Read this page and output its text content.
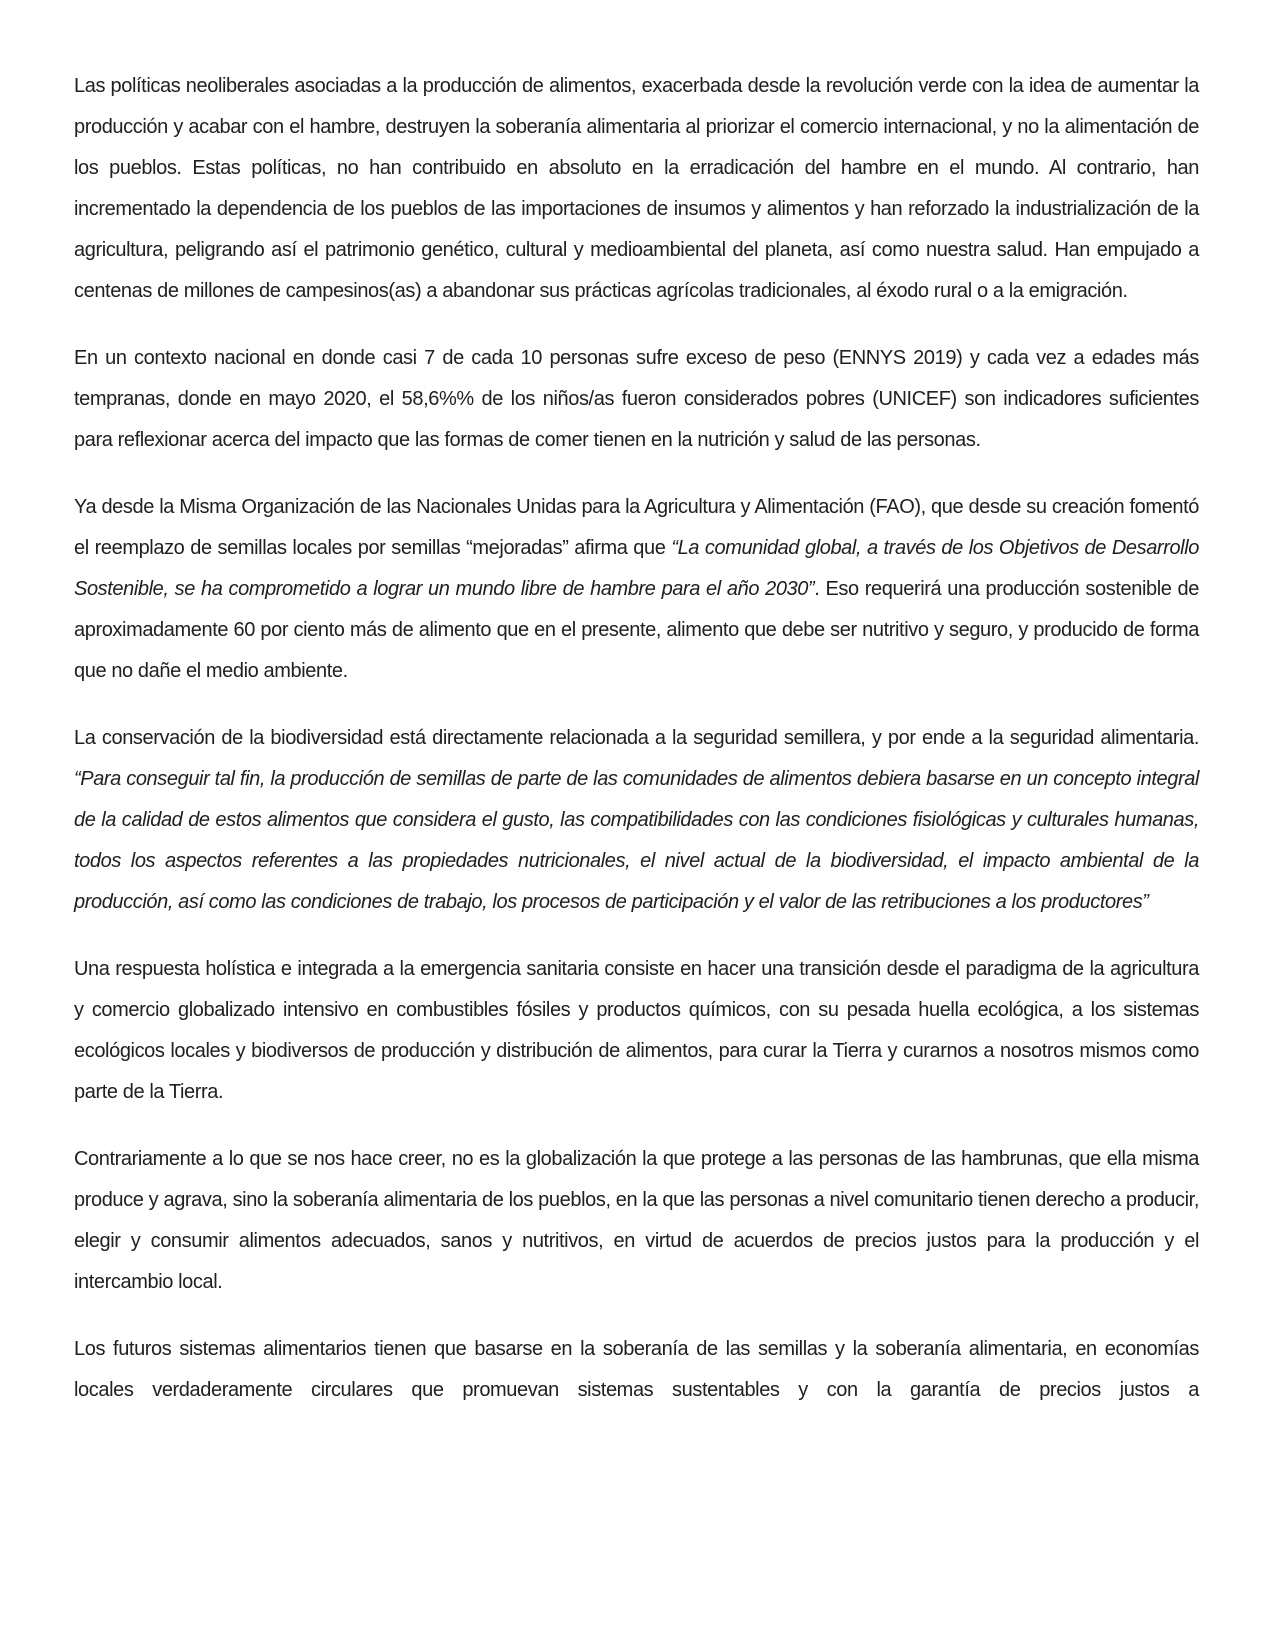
Las políticas neoliberales asociadas a la producción de alimentos, exacerbada desde la revolución verde con la idea de aumentar la producción y acabar con el hambre, destruyen la soberanía alimentaria al priorizar el comercio internacional, y no la alimentación de los pueblos. Estas políticas, no han contribuido en absoluto en la erradicación del hambre en el mundo. Al contrario, han incrementado la dependencia de los pueblos de las importaciones de insumos y alimentos y han reforzado la industrialización de la agricultura, peligrando así el patrimonio genético, cultural y medioambiental del planeta, así como nuestra salud. Han empujado a centenas de millones de campesinos(as) a abandonar sus prácticas agrícolas tradicionales, al éxodo rural o a la emigración.

En un contexto nacional en donde casi 7 de cada 10 personas sufre exceso de peso (ENNYS 2019) y cada vez a edades más tempranas, donde en mayo 2020, el 58,6%% de los niños/as fueron considerados pobres (UNICEF) son indicadores suficientes para reflexionar acerca del impacto que las formas de comer tienen en la nutrición y salud de las personas.

Ya desde la Misma Organización de las Nacionales Unidas para la Agricultura y Alimentación (FAO), que desde su creación fomentó el reemplazo de semillas locales por semillas “mejoradas” afirma que “La comunidad global, a través de los Objetivos de Desarrollo Sostenible, se ha comprometido a lograr un mundo libre de hambre para el año 2030”. Eso requerirá una producción sostenible de aproximadamente 60 por ciento más de alimento que en el presente, alimento que debe ser nutritivo y seguro, y producido de forma que no dañe el medio ambiente.

La conservación de la biodiversidad está directamente relacionada a la seguridad semillera, y por ende a la seguridad alimentaria. “Para conseguir tal fin, la producción de semillas de parte de las comunidades de alimentos debiera basarse en un concepto integral de la calidad de estos alimentos que considera el gusto, las compatibilidades con las condiciones fisiológicas y culturales humanas, todos los aspectos referentes a las propiedades nutricionales, el nivel actual de la biodiversidad, el impacto ambiental de la producción, así como las condiciones de trabajo, los procesos de participación y el valor de las retribuciones a los productores”

Una respuesta holística e integrada a la emergencia sanitaria consiste en hacer una transición desde el paradigma de la agricultura y comercio globalizado intensivo en combustibles fósiles y productos químicos, con su pesada huella ecológica, a los sistemas ecológicos locales y biodiversos de producción y distribución de alimentos, para curar la Tierra y curarnos a nosotros mismos como parte de la Tierra.

Contrariamente a lo que se nos hace creer, no es la globalización la que protege a las personas de las hambrunas, que ella misma produce y agrava, sino la soberanía alimentaria de los pueblos, en la que las personas a nivel comunitario tienen derecho a producir, elegir y consumir alimentos adecuados, sanos y nutritivos, en virtud de acuerdos de precios justos para la producción y el intercambio local.

Los futuros sistemas alimentarios tienen que basarse en la soberanía de las semillas y la soberanía alimentaria, en economías locales verdaderamente circulares que promuevan sistemas sustentables y con la garantía de precios justos a
